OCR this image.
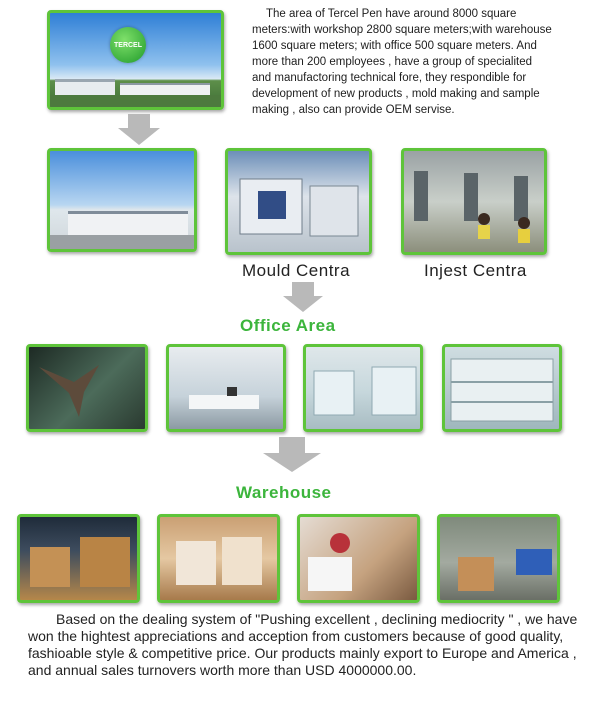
TERCEL

The area of Tercel Pen have around 8000 square meters:with workshop 2800 square meters;with warehouse 1600 square meters; with office 500 square meters. And more than 200 employees , have a group of specialited and manufactoring technical fore, they respondible for development of new products , mold making and sample making , also can provide OEM servise.

Mould Centra	Injest Centra
Office Area
Warehouse

Based on the dealing system of "Pushing excellent , declining mediocrity " , we have won the hightest appreciations and acception from customers because of good quality, fashioable style & competitive price. Our products mainly export to Europe and America , and annual sales turnovers worth more than USD 4000000.00.
